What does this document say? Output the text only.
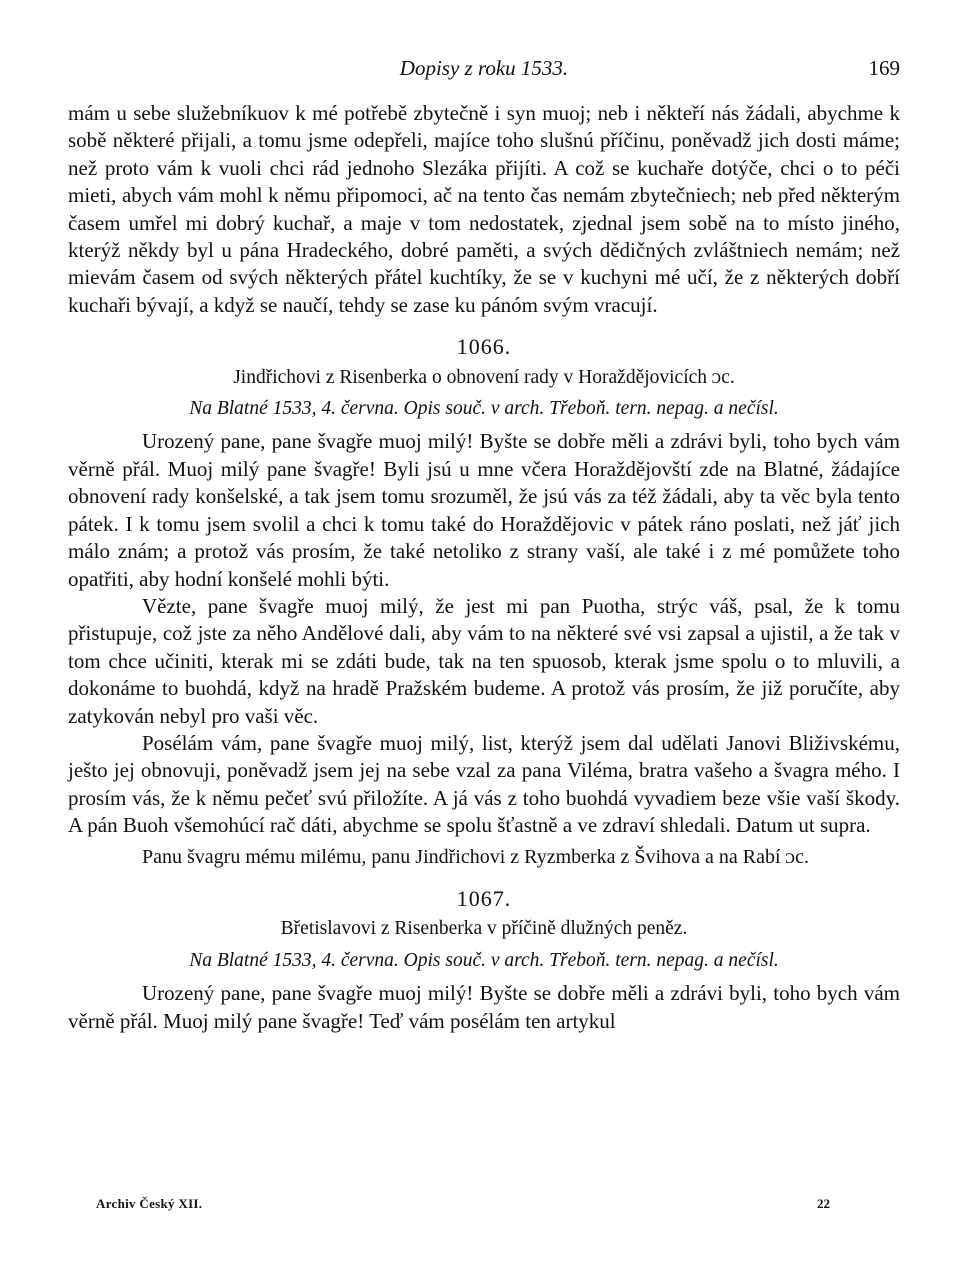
Dopisy z roku 1533.	169

mám u sebe služebníkuov k mé potřebě zbytečně i syn muoj; neb i někteří nás žádali, abychme k sobě některé přijali, a tomu jsme odepřeli, majíce toho slušnú příčinu, poněvadž jich dosti máme; než proto vám k vuoli chci rád jednoho Slezáka přijíti. A což se kuchaře dotýče, chci o to péči mieti, abych vám mohl k němu připomoci, ač na tento čas nemám zbytečniech; neb před některým časem umřel mi dobrý kuchař, a maje v tom nedostatek, zjednal jsem sobě na to místo jiného, kterýž někdy byl u pána Hradeckého, dobré paměti, a svých dědičných zvláštniech nemám; než mievám časem od svých některých přátel kuchtíky, že se v kuchyni mé učí, že z některých dobří kuchaři bývají, a když se naučí, tehdy se zase ku pánóm svým vracují.

1066.
Jindřichovi z Risenberka o obnovení rady v Horaždějovicích ᴐc.
Na Blatné 1533, 4. června. Opis souč. v arch. Třeboň. tern. nepag. a nečísl.

Urozený pane, pane švagře muoj milý! Byšte se dobře měli a zdrávi byli, toho bych vám věrně přál. Muoj milý pane švagře! Byli jsú u mne včera Horaždějovští zde na Blatné, žádajíce obnovení rady konšelské, a tak jsem tomu srozuměl, že jsú vás za též žádali, aby ta věc byla tento pátek. I k tomu jsem svolil a chci k tomu také do Horaždějovic v pátek ráno poslati, než jáť jich málo znám; a protož vás prosím, že také netoliko z strany vaší, ale také i z mé pomůžete toho opatřiti, aby hodní konšelé mohli býti.

Vězte, pane švagře muoj milý, že jest mi pan Puotha, strýc váš, psal, že k tomu přistupuje, což jste za něho Andělové dali, aby vám to na některé své vsi zapsal a ujistil, a že tak v tom chce učiniti, kterak mi se zdáti bude, tak na ten spuosob, kterak jsme spolu o to mluvili, a dokonáme to buohdá, když na hradě Pražském budeme. A protož vás prosím, že již poručíte, aby zatykován nebyl pro vaši věc.

Posélám vám, pane švagře muoj milý, list, kterýž jsem dal udělati Janovi Bliživskému, ješto jej obnovuji, poněvadž jsem jej na sebe vzal za pana Viléma, bratra vašeho a švagra mého. I prosím vás, že k němu pečeť svú přiložíte. A já vás z toho buohdá vyvadiem beze všie vaší škody. A pán Buoh všemohúcí rač dáti, abychme se spolu šťastně a ve zdraví shledali. Datum ut supra.

Panu švagru mému milému, panu Jindřichovi z Ryzmberka z Švihova a na Rabí ᴐc.

1067.
Břetislavovi z Risenberka v příčině dlužných peněz.
Na Blatné 1533, 4. června. Opis souč. v arch. Třeboň. tern. nepag. a nečísl.

Urozený pane, pane švagře muoj milý! Byšte se dobře měli a zdrávi byli, toho bych vám věrně přál. Muoj milý pane švagře! Teď vám posélám ten artykul

Archiv Český XII.	22
